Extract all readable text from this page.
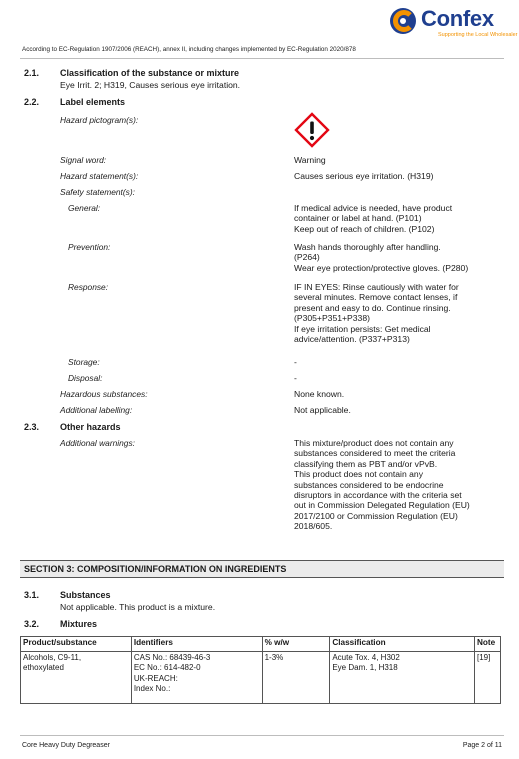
Confex
Supporting the Local Wholesaler
According to EC-Regulation 1907/2006 (REACH), annex II, including changes implemented by EC-Regulation 2020/878
2.1. Classification of the substance or mixture
Eye Irrit. 2; H319, Causes serious eye irritation.
2.2. Label elements
Hazard pictogram(s):
Signal word:	Warning
Hazard statement(s):	Causes serious eye irritation. (H319)
Safety statement(s):
General:	If medical advice is needed, have product
container or label at hand. (P101)
Keep out of reach of children. (P102)
Prevention:	Wash hands thoroughly after handling.
(P264)
Wear eye protection/protective gloves. (P280)
Response:	IF IN EYES: Rinse cautiously with water for
several minutes. Remove contact lenses, if
present and easy to do. Continue rinsing.
(P305+P351+P338)
If eye irritation persists: Get medical
advice/attention. (P337+P313)
Storage:	-
Disposal:	-
Hazardous substances:	None known.
Additional labelling:	Not applicable.
2.3. Other hazards
Additional warnings:	This mixture/product does not contain any
substances considered to meet the criteria
classifying them as PBT and/or vPvB.
This product does not contain any
substances considered to be endocrine
disruptors in accordance with the criteria set
out in Commission Delegated Regulation (EU)
2017/2100 or Commission Regulation (EU)
2018/605.
SECTION 3: COMPOSITION/INFORMATION ON INGREDIENTS
3.1. Substances
Not applicable. This product is a mixture.
3.2. Mixtures
Product/substance	Identifiers	% w/w	Classification	Note

Alcohols, C9-11,
ethoxylated	CAS No.: 68439-46-3
EC No.: 614-482-0
UK-REACH:
Index No.:	1-3%	Acute Tox. 4, H302
Eye Dam. 1, H318	[19]
Core Heavy Duty Degreaser	Page 2 of 11
